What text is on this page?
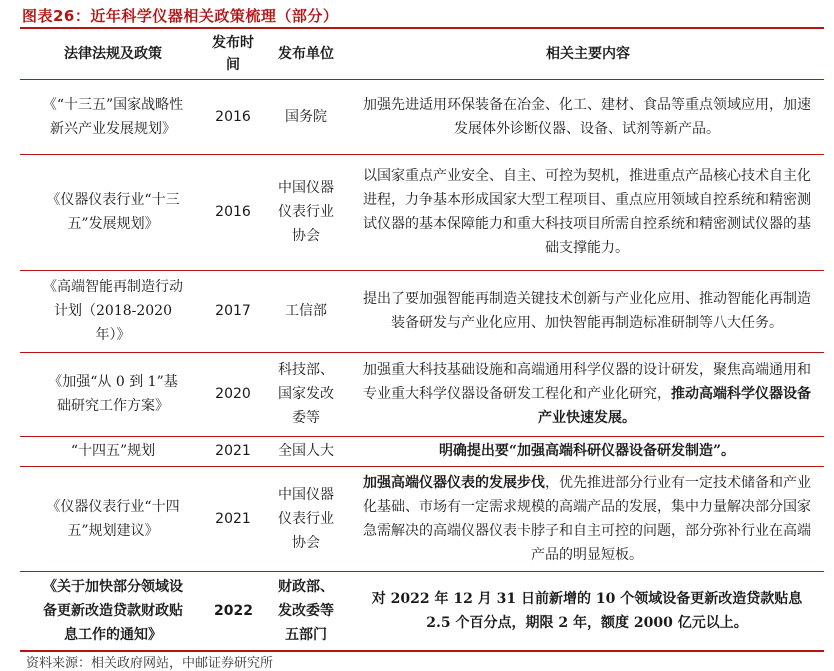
图表26：近年科学仪器相关政策梳理（部分）
法律法规及政策	发布时间	发布单位	相关主要内容
《“十三五”国家战略性新兴产业发展规划》	2016	国务院	加强先进适用环保装备在冶金、化工、建材、食品等重点领域应用，加速发展体外诊断仪器、设备、试剂等新产品。
《仪器仪表行业“十三五”发展规划》	2016	中国仪器仪表行业协会	以国家重点产业安全、自主、可控为契机，推进重点产品核心技术自主化进程，力争基本形成国家大型工程项目、重点应用领域自控系统和精密测试仪器的基本保障能力和重大科技项目所需自控系统和精密测试仪器的基础支撑能力。
《高端智能再制造行动计划（2018-2020年）》	2017	工信部	提出了要加强智能再制造关键技术创新与产业化应用、推动智能化再制造装备研发与产业化应用、加快智能再制造标准研制等八大任务。
《加强“从 0 到 1”基础研究工作方案》	2020	科技部、国家发改委等	加强重大科技基础设施和高端通用科学仪器的设计研发，聚焦高端通用和专业重大科学仪器设备研发工程化和产业化研究，推动高端科学仪器设备产业快速发展。
“十四五”规划	2021	全国人大	明确提出要“加强高端科研仪器设备研发制造”。
《仪器仪表行业“十四五”规划建议》	2021	中国仪器仪表行业协会	加强高端仪器仪表的发展步伐，优先推进部分行业有一定技术储备和产业化基础、市场有一定需求规模的高端产品的发展，集中力量解决部分国家急需解决的高端仪器仪表卡脖子和自主可控的问题，部分弥补行业在高端产品的明显短板。
《关于加快部分领域设备更新改造贷款财政贴息工作的通知》	2022	财政部、发改委等五部门	对 2022 年 12 月 31 日前新增的 10 个领域设备更新改造贷款贴息 2.5 个百分点，期限 2 年，额度 2000 亿元以上。
资料来源：相关政府网站，中邮证券研究所
